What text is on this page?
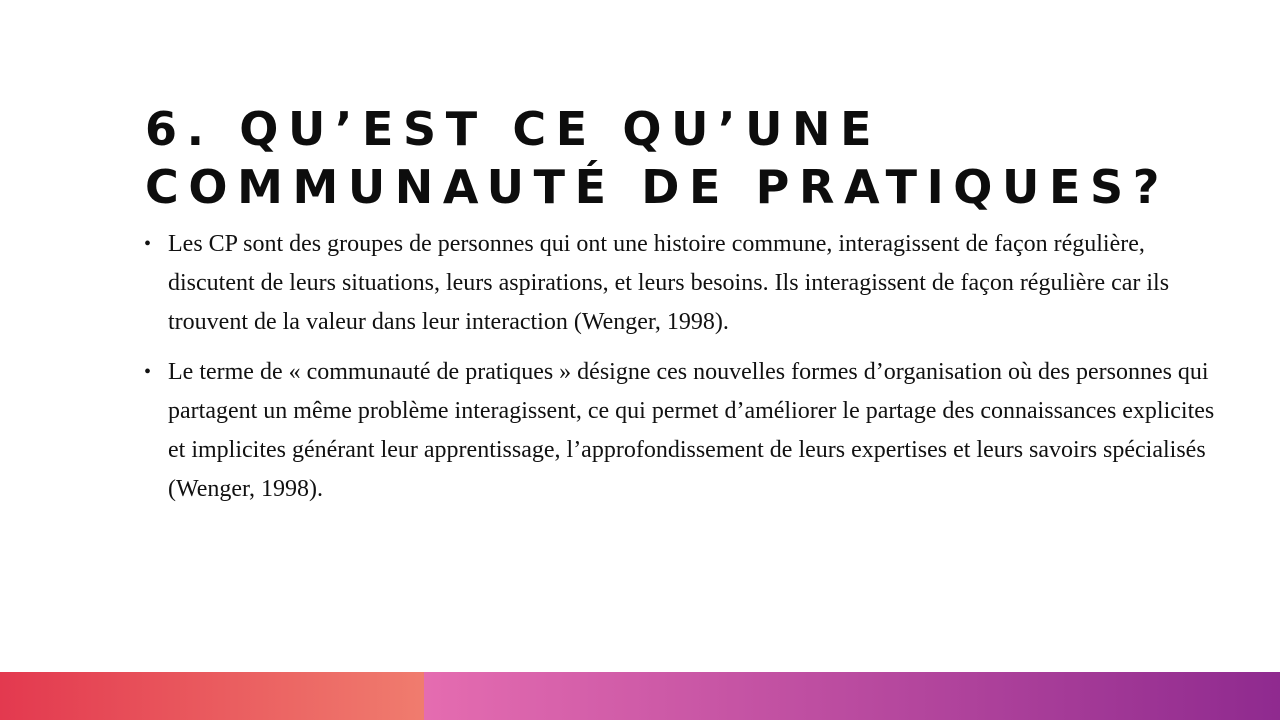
6. QU’EST CE QU’UNE
COMMUNAUTÉ DE PRATIQUES?
• Les CP sont des groupes de personnes qui ont une histoire commune, interagissent de façon régulière, discutent de leurs situations, leurs aspirations, et leurs besoins. Ils interagissent de façon régulière car ils trouvent de la valeur dans leur interaction (Wenger, 1998).
• Le terme de « communauté de pratiques » désigne ces nouvelles formes d’organisation où des personnes qui partagent un même problème interagissent, ce qui permet d’améliorer le partage des connaissances explicites et implicites générant leur apprentissage, l’approfondissement de leurs expertises et leurs savoirs spécialisés (Wenger, 1998).
